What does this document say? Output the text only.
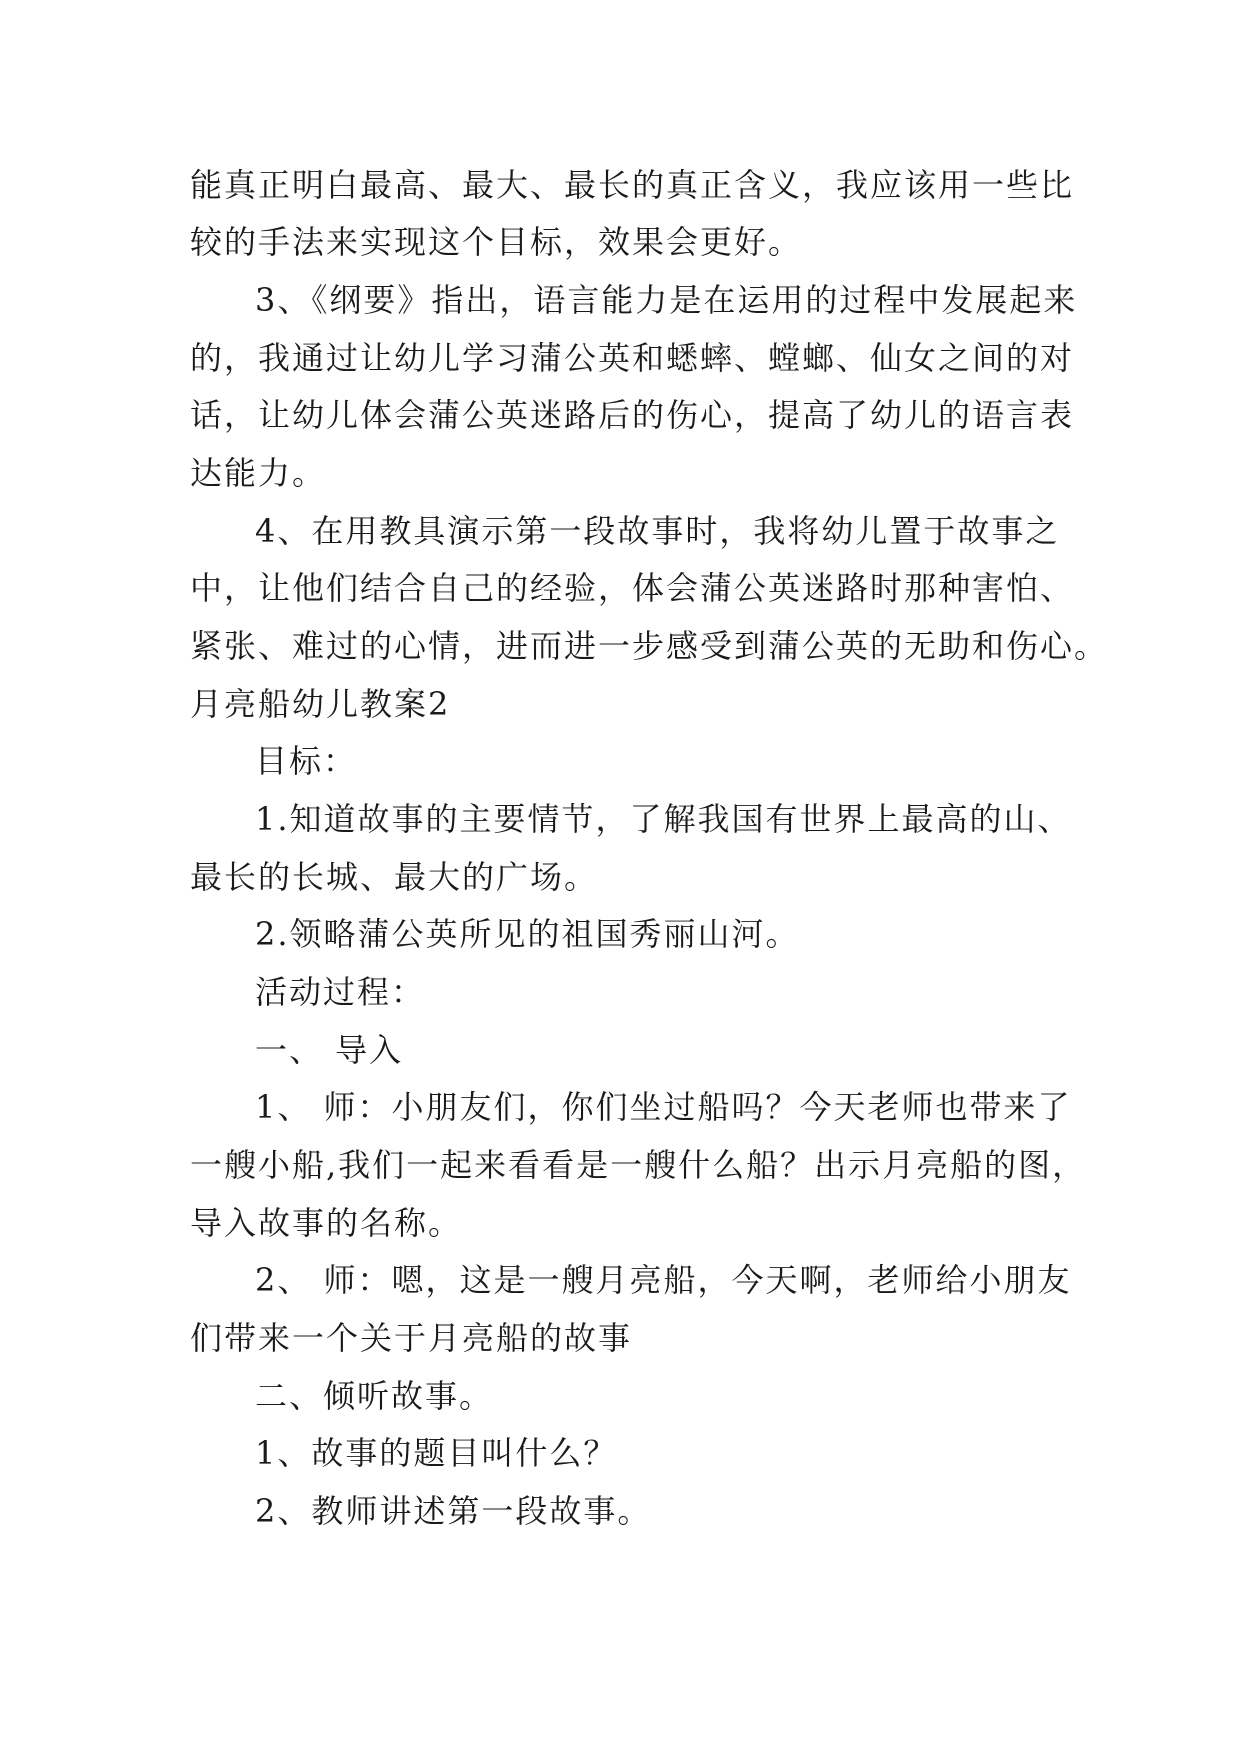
能真正明白最高、最大、最长的真正含义，我应该用一些比
较的手法来实现这个目标，效果会更好。
3、《纲要》指出，语言能力是在运用的过程中发展起来
的，我通过让幼儿学习蒲公英和蟋蟀、螳螂、仙女之间的对
话，让幼儿体会蒲公英迷路后的伤心，提高了幼儿的语言表
达能力。
4、在用教具演示第一段故事时，我将幼儿置于故事之
中，让他们结合自己的经验，体会蒲公英迷路时那种害怕、
紧张、难过的心情，进而进一步感受到蒲公英的无助和伤心。
月亮船幼儿教案2
目标：
1.知道故事的主要情节，了解我国有世界上最高的山、
最长的长城、最大的广场。
2.领略蒲公英所见的祖国秀丽山河。
活动过程：
一、 导入
1、 师：小朋友们，你们坐过船吗？今天老师也带来了
一艘小船,我们一起来看看是一艘什么船？出示月亮船的图，
导入故事的名称。
2、 师：嗯，这是一艘月亮船，今天啊，老师给小朋友
们带来一个关于月亮船的故事
二、倾听故事。
1、故事的题目叫什么？
2、教师讲述第一段故事。
